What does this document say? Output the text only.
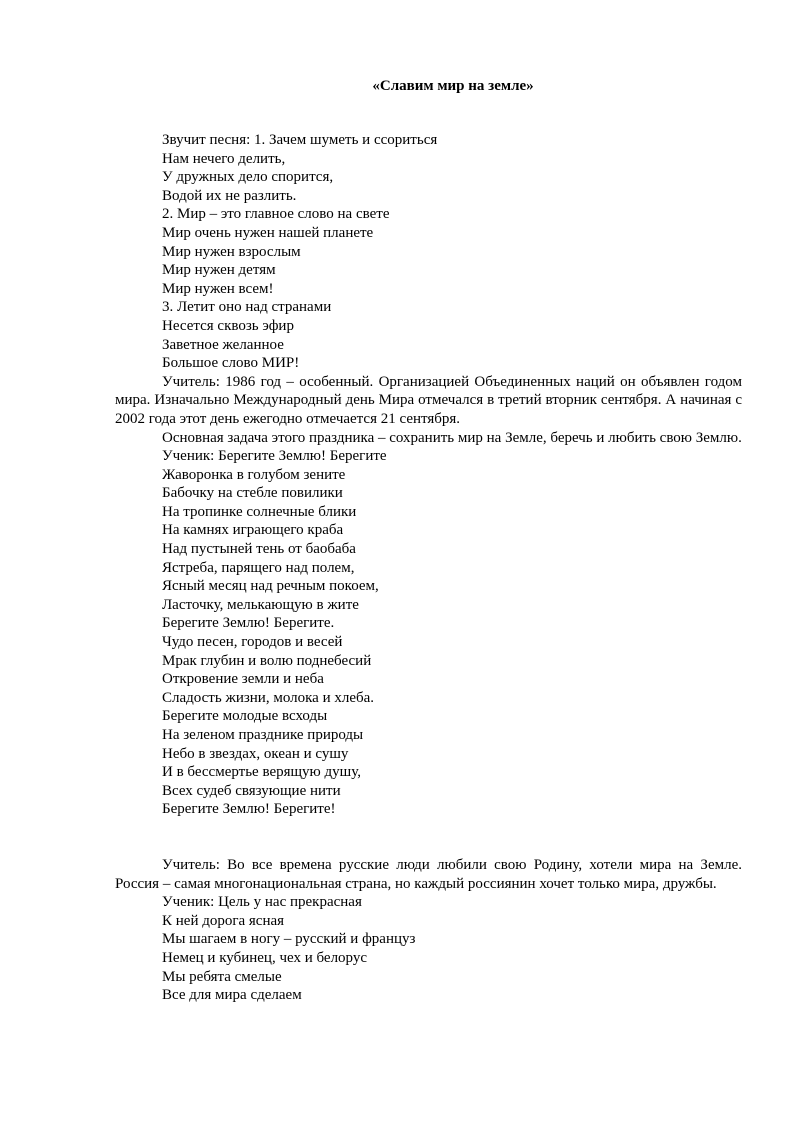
«Славим мир на земле»
Звучит песня: 1. Зачем шуметь и ссориться
Нам нечего делить,
У дружных дело спорится,
Водой их не разлить.
2. Мир – это главное слово на свете
Мир очень нужен нашей планете
Мир нужен взрослым
Мир нужен детям
Мир нужен всем!
3. Летит оно над странами
Несется сквозь эфир
Заветное желанное
Большое слово МИР!
Учитель: 1986 год – особенный. Организацией Объединенных наций он объявлен годом мира. Изначально Международный день Мира отмечался в третий вторник сентября. А начиная с 2002 года этот день ежегодно отмечается 21 сентября.
Основная задача этого праздника – сохранить мир на Земле, беречь и любить свою Землю.
Ученик: Берегите Землю! Берегите
Жаворонка в голубом зените
Бабочку на стебле повилики
На тропинке солнечные блики
На камнях играющего краба
Над пустыней тень от баобаба
Ястреба, парящего над полем,
Ясный месяц над речным покоем,
Ласточку, мелькающую в жите
Берегите Землю! Берегите.
Чудо песен, городов и весей
Мрак глубин и волю поднебесий
Откровение земли и неба
Сладость жизни, молока и хлеба.
Берегите молодые всходы
На зеленом празднике природы
Небо в звездах, океан и сушу
И в бессмертье верящую душу,
Всех судеб связующие нити
Берегите Землю! Берегите!
Учитель: Во все времена русские люди любили свою Родину, хотели мира на Земле. Россия – самая многонациональная страна, но каждый россиянин хочет только мира, дружбы.
Ученик: Цель у нас прекрасная
К ней дорога ясная
Мы шагаем в ногу – русский и француз
Немец и кубинец, чех и белорус
Мы ребята смелые
Все для мира сделаем
